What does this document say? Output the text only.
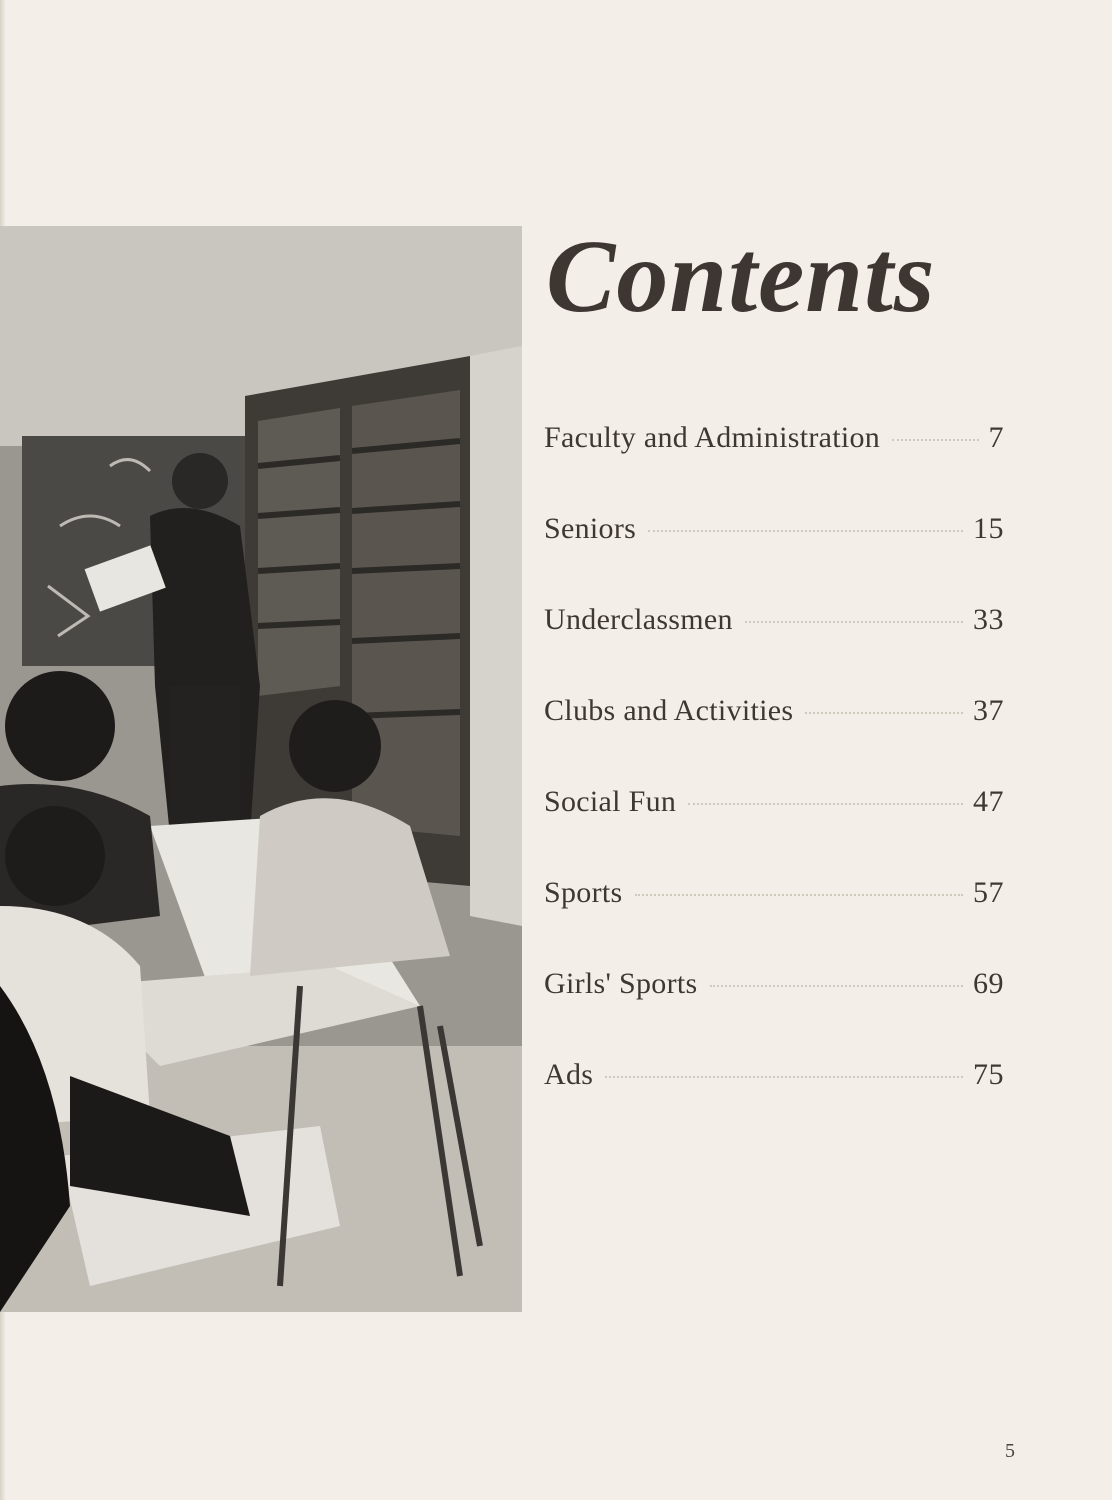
Contents
Faculty and Administration	7
Seniors	15
Underclassmen	33
Clubs and Activities	37
Social Fun	47
Sports	57
Girls' Sports	69
Ads	75
5
